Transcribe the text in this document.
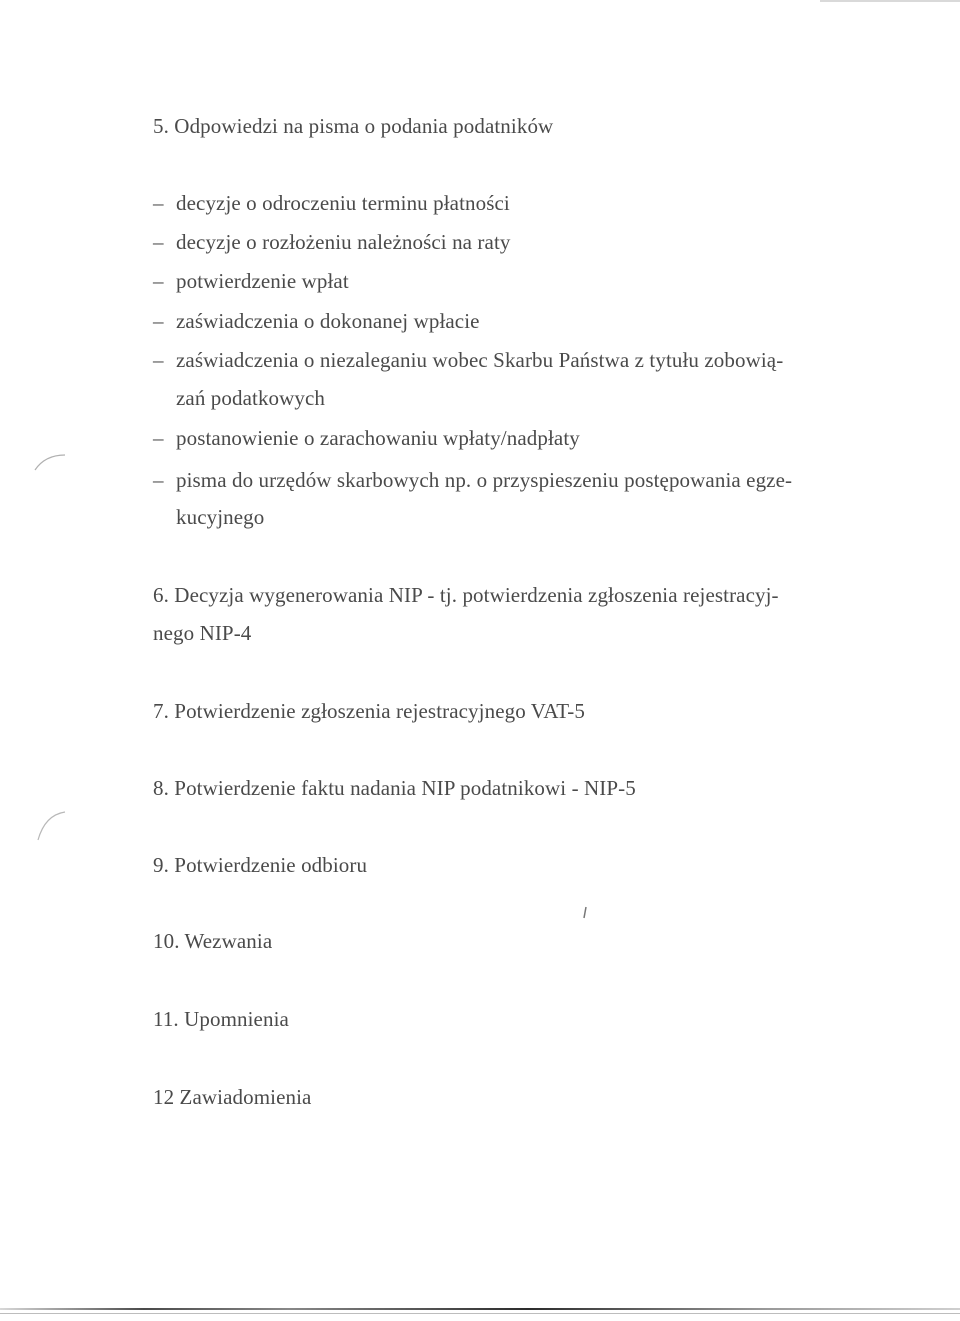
5. Odpowiedzi na pisma o podania podatników
– decyzje o odroczeniu terminu płatności
– decyzje o rozłożeniu należności na raty
– potwierdzenie wpłat
– zaświadczenia o dokonanej wpłacie
– zaświadczenia o niezaleganiu wobec Skarbu Państwa z tytułu zobowią-
zań podatkowych
– postanowienie o zarachowaniu wpłaty/nadpłaty
– pisma do urzędów skarbowych np. o przyspieszeniu postępowania egze-
kucyjnego
6. Decyzja wygenerowania NIP - tj. potwierdzenia zgłoszenia rejestracyj-
nego NIP-4
7. Potwierdzenie zgłoszenia rejestracyjnego VAT-5
8. Potwierdzenie faktu nadania NIP podatnikowi - NIP-5
9. Potwierdzenie odbioru
10. Wezwania
11. Upomnienia
12 Zawiadomienia
